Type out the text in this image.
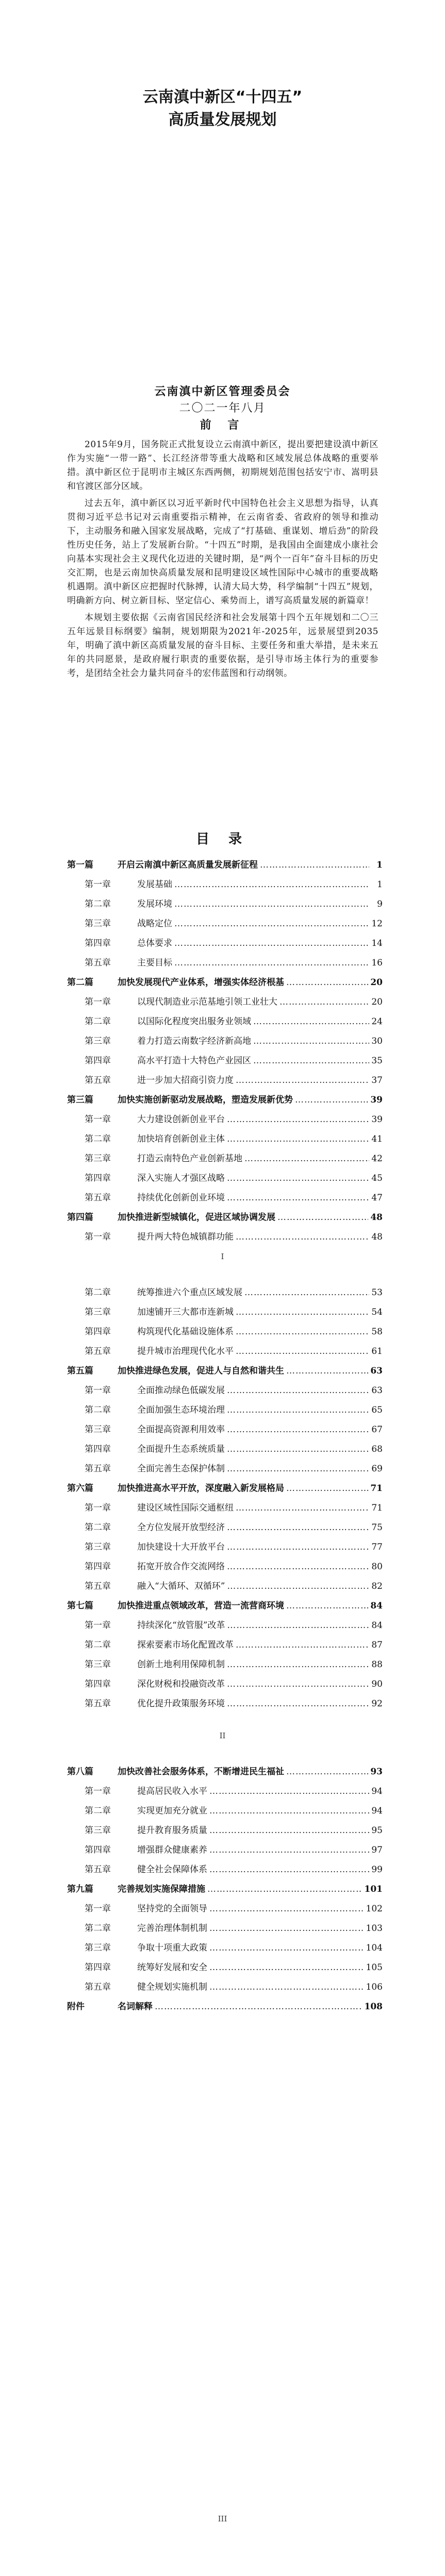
云南滇中新区“十四五”
高质量发展规划
云南滇中新区管理委员会
二〇二一年八月
前 言

2015年9月，国务院正式批复设立云南滇中新区，提出要把建设滇中新区作为实施“一带一路”、长江经济带等重大战略和区域发展总体战略的重要举措。滇中新区位于昆明市主城区东西两侧，初期规划范围包括安宁市、嵩明县和官渡区部分区域。

过去五年，滇中新区以习近平新时代中国特色社会主义思想为指导，认真贯彻习近平总书记对云南重要指示精神，在云南省委、省政府的领导和推动下，主动服务和融入国家发展战略，完成了“打基础、重谋划、增后劲”的阶段性历史任务，站上了发展新台阶。“十四五”时期，是我国由全面建成小康社会向基本实现社会主义现代化迈进的关键时期，是“两个一百年”奋斗目标的历史交汇期，也是云南加快高质量发展和昆明建设区域性国际中心城市的重要战略机遇期。滇中新区应把握时代脉搏，认清大局大势，科学编制“十四五”规划，明确新方向、树立新目标、坚定信心、乘势而上，谱写高质量发展的新篇章！

本规划主要依据《云南省国民经济和社会发展第十四个五年规划和二〇三五年远景目标纲要》编制，规划期限为2021年-2025年，远景展望到2035年，明确了滇中新区高质量发展的奋斗目标、主要任务和重大举措，是未来五年的共同愿景，是政府履行职责的重要依据，是引导市场主体行为的重要参考，是团结全社会力量共同奋斗的宏伟蓝图和行动纲领。

目 录
第一篇	开启云南滇中新区高质量发展新征程 …………………………………………………………………………………………………………………………………………………………………………	1
第一章	发展基础 …………………………………………………………………………………………………………………………………………………………………………	1
第二章	发展环境 …………………………………………………………………………………………………………………………………………………………………………	9
第三章	战略定位 …………………………………………………………………………………………………………………………………………………………………………	12
第四章	总体要求 …………………………………………………………………………………………………………………………………………………………………………	14
第五章	主要目标 …………………………………………………………………………………………………………………………………………………………………………	16
第二篇	加快发展现代产业体系，增强实体经济根基 …………………………………………………………………………………………………………………………………………………………………………	20
第一章	以现代制造业示范基地引领工业壮大 …………………………………………………………………………………………………………………………………………………………………………	20
第二章	以国际化程度突出服务业领域 …………………………………………………………………………………………………………………………………………………………………………	24
第三章	着力打造云南数字经济新高地 …………………………………………………………………………………………………………………………………………………………………………	30
第四章	高水平打造十大特色产业园区 …………………………………………………………………………………………………………………………………………………………………………	35
第五章	进一步加大招商引资力度 …………………………………………………………………………………………………………………………………………………………………………	37
第三篇	加快实施创新驱动发展战略，塑造发展新优势 …………………………………………………………………………………………………………………………………………………………………………	39
第一章	大力建设创新创业平台 …………………………………………………………………………………………………………………………………………………………………………	39
第二章	加快培育创新创业主体 …………………………………………………………………………………………………………………………………………………………………………	41
第三章	打造云南特色产业创新基地 …………………………………………………………………………………………………………………………………………………………………………	42
第四章	深入实施人才强区战略 …………………………………………………………………………………………………………………………………………………………………………	45
第五章	持续优化创新创业环境 …………………………………………………………………………………………………………………………………………………………………………	47
第四篇	加快推进新型城镇化，促进区域协调发展 …………………………………………………………………………………………………………………………………………………………………………	48
第一章	提升两大特色城镇群功能 …………………………………………………………………………………………………………………………………………………………………………	48
I
第二章	统筹推进六个重点区域发展 …………………………………………………………………………………………………………………………………………………………………………	53
第三章	加速铺开三大都市连新城 …………………………………………………………………………………………………………………………………………………………………………	54
第四章	构筑现代化基础设施体系 …………………………………………………………………………………………………………………………………………………………………………	58
第五章	提升城市治理现代化水平 …………………………………………………………………………………………………………………………………………………………………………	61
第五篇	加快推进绿色发展，促进人与自然和谐共生 …………………………………………………………………………………………………………………………………………………………………………	63
第一章	全面推动绿色低碳发展 …………………………………………………………………………………………………………………………………………………………………………	63
第二章	全面加强生态环境治理 …………………………………………………………………………………………………………………………………………………………………………	65
第三章	全面提高资源利用效率 …………………………………………………………………………………………………………………………………………………………………………	67
第四章	全面提升生态系统质量 …………………………………………………………………………………………………………………………………………………………………………	68
第五章	全面完善生态保护体制 …………………………………………………………………………………………………………………………………………………………………………	69
第六篇	加快推进高水平开放，深度融入新发展格局 …………………………………………………………………………………………………………………………………………………………………………	71
第一章	建设区域性国际交通枢纽 …………………………………………………………………………………………………………………………………………………………………………	71
第二章	全方位发展开放型经济 …………………………………………………………………………………………………………………………………………………………………………	75
第三章	加快建设十大开放平台 …………………………………………………………………………………………………………………………………………………………………………	77
第四章	拓宽开放合作交流网络 …………………………………………………………………………………………………………………………………………………………………………	80
第五章	融入“大循环、双循环” …………………………………………………………………………………………………………………………………………………………………………	82
第七篇	加快推进重点领域改革，营造一流营商环境 …………………………………………………………………………………………………………………………………………………………………………	84
第一章	持续深化“放管服”改革 …………………………………………………………………………………………………………………………………………………………………………	84
第二章	探索要素市场化配置改革 …………………………………………………………………………………………………………………………………………………………………………	87
第三章	创新土地利用保障机制 …………………………………………………………………………………………………………………………………………………………………………	88
第四章	深化财税和投融资改革 …………………………………………………………………………………………………………………………………………………………………………	90
第五章	优化提升政策服务环境 …………………………………………………………………………………………………………………………………………………………………………	92
II
第八篇	加快改善社会服务体系，不断增进民生福祉 …………………………………………………………………………………………………………………………………………………………………………	93
第一章	提高居民收入水平 …………………………………………………………………………………………………………………………………………………………………………	94
第二章	实现更加充分就业 …………………………………………………………………………………………………………………………………………………………………………	94
第三章	提升教育服务质量 …………………………………………………………………………………………………………………………………………………………………………	95
第四章	增强群众健康素养 …………………………………………………………………………………………………………………………………………………………………………	97
第五章	健全社会保障体系 …………………………………………………………………………………………………………………………………………………………………………	99
第九篇	完善规划实施保障措施 …………………………………………………………………………………………………………………………………………………………………………	101
第一章	坚持党的全面领导 …………………………………………………………………………………………………………………………………………………………………………	102
第二章	完善治理体制机制 …………………………………………………………………………………………………………………………………………………………………………	103
第三章	争取十项重大政策 …………………………………………………………………………………………………………………………………………………………………………	104
第四章	统筹好发展和安全 …………………………………………………………………………………………………………………………………………………………………………	105
第五章	健全规划实施机制 …………………………………………………………………………………………………………………………………………………………………………	106
附件	名词解释 …………………………………………………………………………………………………………………………………………………………………………	108
III
